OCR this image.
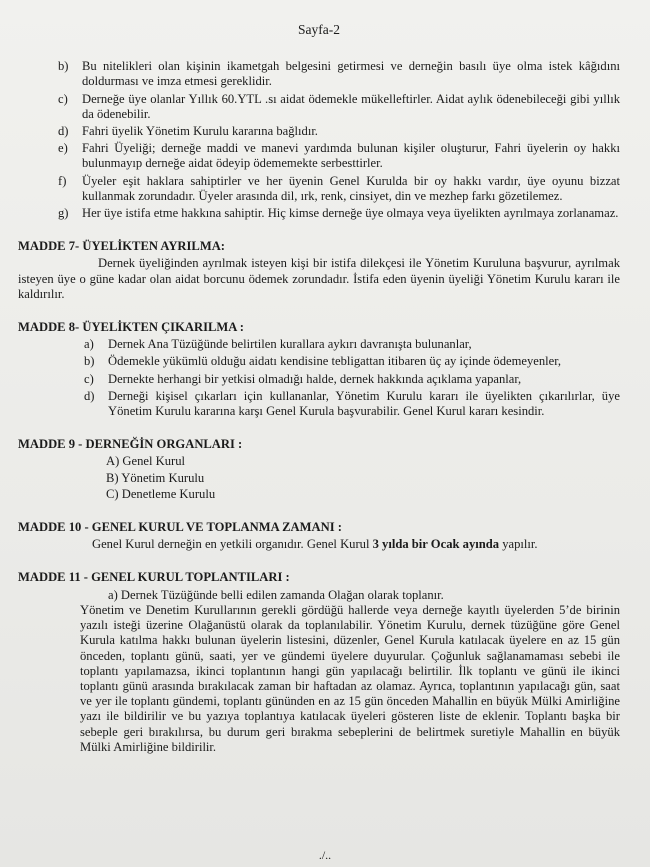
Sayfa-2
b)	Bu nitelikleri olan kişinin ikametgah belgesini getirmesi ve derneğin basılı üye olma istek kâğıdını doldurması ve imza etmesi gereklidir.
c)	Derneğe üye olanlar Yıllık 60.YTL .sı aidat ödemekle mükelleftirler. Aidat aylık ödenebileceği gibi yıllık da ödenebilir.
d)	Fahri üyelik Yönetim Kurulu kararına bağlıdır.
e)	Fahri Üyeliği; derneğe maddi ve manevi yardımda bulunan kişiler oluşturur, Fahri üyelerin oy hakkı bulunmayıp derneğe aidat ödeyip ödememekte serbesttirler.
f)	Üyeler eşit haklara sahiptirler ve her üyenin Genel Kurulda bir oy hakkı vardır, üye oyunu bizzat kullanmak zorundadır. Üyeler arasında dil, ırk, renk, cinsiyet, din ve mezhep farkı gözetilemez.
g)	Her üye istifa etme hakkına sahiptir. Hiç kimse derneğe üye olmaya veya üyelikten ayrılmaya zorlanamaz.
MADDE 7- ÜYELİKTEN AYRILMA:
Dernek üyeliğinden ayrılmak isteyen kişi bir istifa dilekçesi ile Yönetim Kuruluna başvurur, ayrılmak isteyen üye o güne kadar olan aidat borcunu ödemek zorundadır. İstifa eden üyenin üyeliği Yönetim Kurulu kararı ile kaldırılır.
MADDE 8- ÜYELİKTEN ÇIKARILMA :
a)	Dernek Ana Tüzüğünde belirtilen kurallara aykırı davranışta bulunanlar,
b)	Ödemekle yükümlü olduğu aidatı kendisine tebligattan itibaren üç ay içinde ödemeyenler,
c)	Dernekte herhangi bir yetkisi olmadığı halde, dernek hakkında açıklama yapanlar,
d)	Derneği kişisel çıkarları için kullananlar, Yönetim Kurulu kararı ile üyelikten çıkarılırlar, üye Yönetim Kurulu kararına karşı Genel Kurula başvurabilir. Genel Kurul kararı kesindir.
MADDE 9 - DERNEĞİN ORGANLARI :
A) Genel Kurul
B) Yönetim Kurulu
C) Denetleme Kurulu
MADDE 10 - GENEL KURUL VE TOPLANMA ZAMANI :
Genel Kurul derneğin en yetkili organıdır. Genel Kurul 3 yılda bir Ocak ayında yapılır.
MADDE 11 - GENEL KURUL TOPLANTILARI :
a) Dernek Tüzüğünde belli edilen zamanda Olağan olarak toplanır.
Yönetim ve Denetim Kurullarının gerekli gördüğü hallerde veya derneğe kayıtlı üyelerden 5’de birinin yazılı isteği üzerine Olağanüstü olarak da toplanılabilir. Yönetim Kurulu, dernek tüzüğüne göre Genel Kurula katılma hakkı bulunan üyelerin listesini, düzenler, Genel Kurula katılacak üyelere en az 15 gün önceden, toplantı günü, saati, yer ve gündemi üyelere duyurular. Çoğunluk sağlanamaması sebebi ile toplantı yapılamazsa, ikinci toplantının hangi gün yapılacağı belirtilir. İlk toplantı ve günü ile ikinci toplantı günü arasında bırakılacak zaman bir haftadan az olamaz. Ayrıca, toplantının yapılacağı gün, saat ve yer ile toplantı gündemi, toplantı gününden en az 15 gün önceden Mahallin en büyük Mülki Amirliğine yazı ile bildirilir ve bu yazıya toplantıya katılacak üyeleri gösteren liste de eklenir. Toplantı başka bir sebeple geri bırakılırsa, bu durum geri bırakma sebeplerini de belirtmek suretiyle Mahallin en büyük Mülki Amirliğine bildirilir.
./..
